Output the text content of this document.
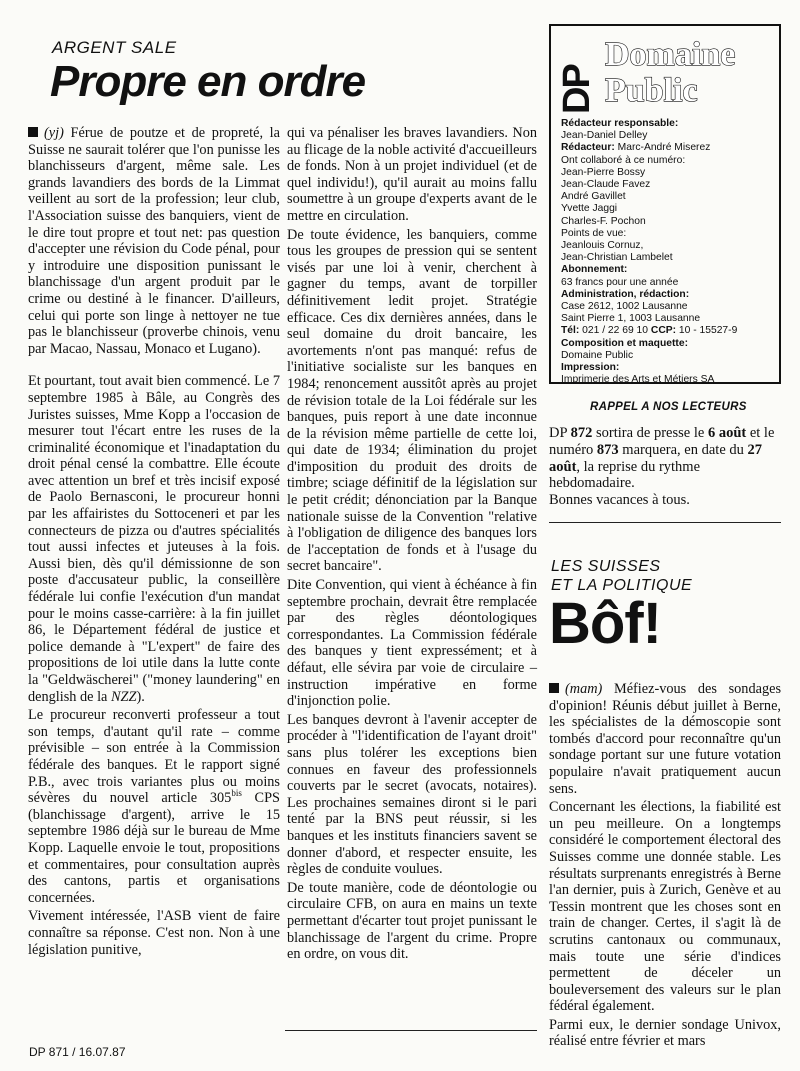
ARGENT SALE
Propre en ordre

(yj) Férue de poutze et de propreté, la Suisse ne saurait tolérer que l'on punisse les blanchisseurs d'argent, même sale. Les grands lavandiers des bords de la Limmat veillent au sort de la profession; leur club, l'Association suisse des banquiers, vient de le dire tout propre et tout net: pas question d'accepter une révision du Code pénal, pour y introduire une disposition punissant le blanchissage d'un argent produit par le crime ou destiné à le financer. D'ailleurs, celui qui porte son linge à nettoyer ne tue pas le blanchisseur (proverbe chinois, venu par Macao, Nassau, Monaco et Lugano).

Et pourtant, tout avait bien commencé. Le 7 septembre 1985 à Bâle, au Congrès des Juristes suisses, Mme Kopp a l'occasion de mesurer tout l'écart entre les ruses de la criminalité économique et l'inadaptation du droit pénal censé la combattre. Elle écoute avec attention un bref et très incisif exposé de Paolo Bernasconi, le procureur honni par les affairistes du Sottoceneri et par les connecteurs de pizza ou d'autres spécialités tout aussi infectes et juteuses à la fois. Aussi bien, dès qu'il démissionne de son poste d'accusateur public, la conseillère fédérale lui confie l'exécution d'un mandat pour le moins casse-carrière: à la fin juillet 86, le Département fédéral de justice et police demande à "L'expert" de faire des propositions de loi utile dans la lutte conte la "Geldwäscherei" ("money laundering" en denglish de la NZZ).

Le procureur reconverti professeur a tout son temps, d'autant qu'il rate – comme prévisible – son entrée à la Commission fédérale des banques. Et le rapport signé P.B., avec trois variantes plus ou moins sévères du nouvel article $305^{bis}$ CPS (blanchissage d'argent), arrive le 15 septembre 1986 déjà sur le bureau de Mme Kopp. Laquelle envoie le tout, propositions et commentaires, pour consultation auprès des cantons, partis et organisations concernées.

Vivement intéressée, l'ASB vient de faire connaître sa réponse. C'est non. Non à une législation punitive,

qui va pénaliser les braves lavandiers. Non au flicage de la noble activité d'accueilleurs de fonds. Non à un projet individuel (et de quel individu!), qu'il aurait au moins fallu soumettre à un groupe d'experts avant de le mettre en circulation.

De toute évidence, les banquiers, comme tous les groupes de pression qui se sentent visés par une loi à venir, cherchent à gagner du temps, avant de torpiller définitivement ledit projet. Stratégie efficace. Ces dix dernières années, dans le seul domaine du droit bancaire, les avortements n'ont pas manqué: refus de l'initiative socialiste sur les banques en 1984; renoncement aussitôt après au projet de révision totale de la Loi fédérale sur les banques, puis report à une date inconnue de la révision même partielle de cette loi, qui date de 1934; élimination du projet d'imposition du produit des droits de timbre; sciage définitif de la législation sur le petit crédit; dénonciation par la Banque nationale suisse de la Convention "relative à l'obligation de diligence des banques lors de l'acceptation de fonds et à l'usage du secret bancaire".

Dite Convention, qui vient à échéance à fin septembre prochain, devrait être remplacée par des règles déontologiques correspondantes. La Commission fédérale des banques y tient expressément; et à défaut, elle sévira par voie de circulaire – instruction impérative en forme d'injonction polie.

Les banques devront à l'avenir accepter de procéder à "l'identification de l'ayant droit" sans plus tolérer les exceptions bien connues en faveur des professionnels couverts par le secret (avocats, notaires). Les prochaines semaines diront si le pari tenté par la BNS peut réussir, si les banques et les instituts financiers savent se donner d'abord, et respecter ensuite, les règles de conduite voulues.

De toute manière, code de déontologie ou circulaire CFB, on aura en mains un texte permettant d'écarter tout projet punissant le blanchissage de l'argent du crime. Propre en ordre, on vous dit.

DP
Domaine
Public
Rédacteur responsable:
Jean-Daniel Delley
Rédacteur: Marc-André Miserez
Ont collaboré à ce numéro:
Jean-Pierre Bossy
Jean-Claude Favez
André Gavillet
Yvette Jaggi
Charles-F. Pochon
Points de vue:
Jeanlouis Cornuz,
Jean-Christian Lambelet
Abonnement:
63 francs pour une année
Administration, rédaction:
Case 2612, 1002 Lausanne
Saint Pierre 1, 1003 Lausanne
Tél: 021 / 22 69 10 CCP: 10 - 15527-9
Composition et maquette:
Domaine Public
Impression:
Imprimerie des Arts et Métiers SA
RAPPEL A NOS LECTEURS
DP 872 sortira de presse le 6 août et le numéro 873 marquera, en date du 27 août, la reprise du rythme hebdomadaire.
Bonnes vacances à tous.
LES SUISSES
ET LA POLITIQUE
Bôf!

(mam) Méfiez-vous des sondages d'opinion! Réunis début juillet à Berne, les spécialistes de la démoscopie sont tombés d'accord pour reconnaître qu'un sondage portant sur une future votation populaire n'avait pratiquement aucun sens.

Concernant les élections, la fiabilité est un peu meilleure. On a longtemps considéré le comportement électoral des Suisses comme une donnée stable. Les résultats surprenants enregistrés à Berne l'an dernier, puis à Zurich, Genève et au Tessin montrent que les choses sont en train de changer. Certes, il s'agit là de scrutins cantonaux ou communaux, mais toute une série d'indices permettent de déceler un bouleversement des valeurs sur le plan fédéral également.

Parmi eux, le dernier sondage Univox, réalisé entre février et mars

DP 871 / 16.07.87
